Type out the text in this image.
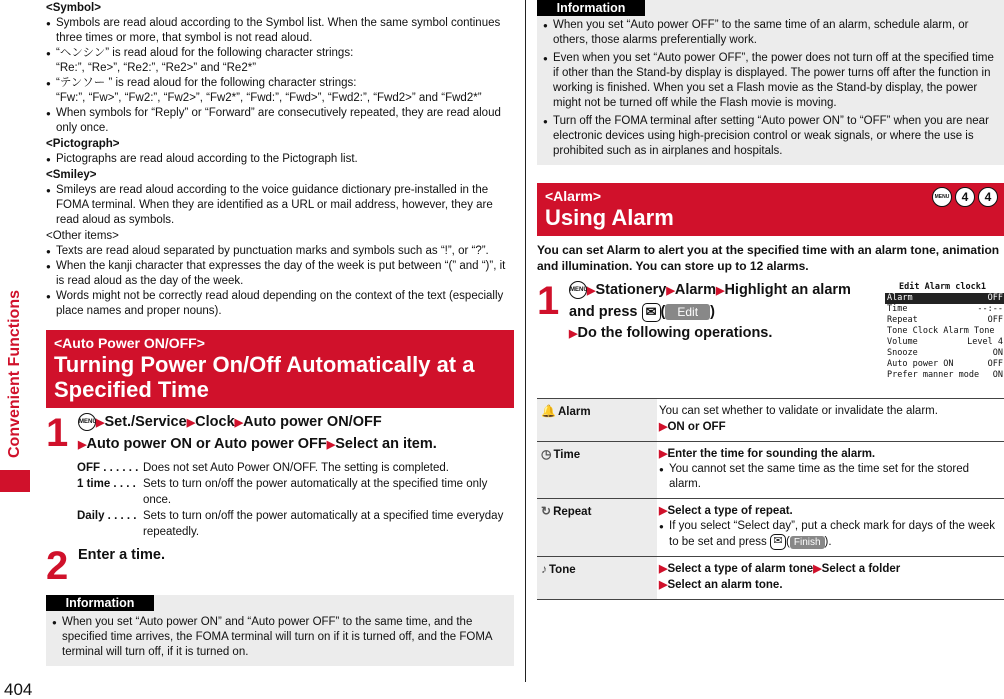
Convenient Functions
404
<Symbol>
● Symbols are read aloud according to the Symbol list. When the same symbol continues three times or more, that symbol is not read aloud.
● “ヘンシン” is read aloud for the following character strings:
“Re:”, “Re>”, “Re2:”, “Re2>” and “Re2*”
● “テンソー ” is read aloud for the following character strings:
“Fw:”, “Fw>”, “Fw2:”, “Fw2>”, “Fw2*”, “Fwd:”, “Fwd>”, “Fwd2:”, “Fwd2>” and “Fwd2*”
● When symbols for “Reply” or “Forward” are consecutively repeated, they are read aloud only once.
<Pictograph>
● Pictographs are read aloud according to the Pictograph list.
<Smiley>
● Smileys are read aloud according to the voice guidance dictionary pre-installed in the FOMA terminal. When they are identified as a URL or mail address, however, they are read aloud as symbols.
<Other items>
● Texts are read aloud separated by punctuation marks and symbols such as “!”, or “?”.
● When the kanji character that expresses the day of the week is put between “(” and “)”, it is read aloud as the day of the week.
● Words might not be correctly read aloud depending on the context of the text (especially place names and proper nouns).
<Auto Power ON/OFF>
Turning Power On/Off Automatically at a Specified Time
1 MENU▶Set./Service▶Clock▶Auto power ON/OFF
▶Auto power ON or Auto power OFF▶Select an item.
OFF . . . . . . Does not set Auto Power ON/OFF. The setting is completed.
1 time . . . . Sets to turn on/off the power automatically at the specified time only once.
Daily . . . . . Sets to turn on/off the power automatically at a specified time everyday repeatedly.
2 Enter a time.
Information
● When you set “Auto power ON” and “Auto power OFF” to the same time, and the specified time arrives, the FOMA terminal will turn on if it is turned off, and the FOMA terminal will turn off, if it is turned on.
Information
● When you set “Auto power OFF” to the same time of an alarm, schedule alarm, or others, those alarms preferentially work.
● Even when you set “Auto power OFF”, the power does not turn off at the specified time if other than the Stand-by display is displayed. The power turns off after the function in working is finished. When you set a Flash movie as the Stand-by display, the power might not be turned off while the Flash movie is moving.
● Turn off the FOMA terminal after setting “Auto power ON” to “OFF” when you are near electronic devices using high-precision control or weak signals, or where the use is prohibited such as in airplanes and hospitals.
<Alarm>
Using Alarm
MENU	4	4
You can set Alarm to alert you at the specified time with an alarm tone, animation and illumination. You can store up to 12 alarms.
1 MENU▶Stationery▶Alarm▶Highlight an alarm and press ✉ ( Edit )
▶Do the following operations.
Edit Alarm clock1
Alarm	OFF
Time	--:--
Repeat	OFF
Tone Clock Alarm Tone
Volume	Level 4
Snooze	ON
Auto power ON	OFF
Prefer manner mode ON
🔔 Alarm	You can set whether to validate or invalidate the alarm.
▶ON or OFF

◷ Time	▶Enter the time for sounding the alarm.
● You cannot set the same time as the time set for the stored alarm.

↻ Repeat	▶Select a type of repeat.
● If you select “Select day”, put a check mark for days of the week to be set and press ✉ ( Finish ).

♪ Tone	▶Select a type of alarm tone▶Select a folder
▶Select an alarm tone.
